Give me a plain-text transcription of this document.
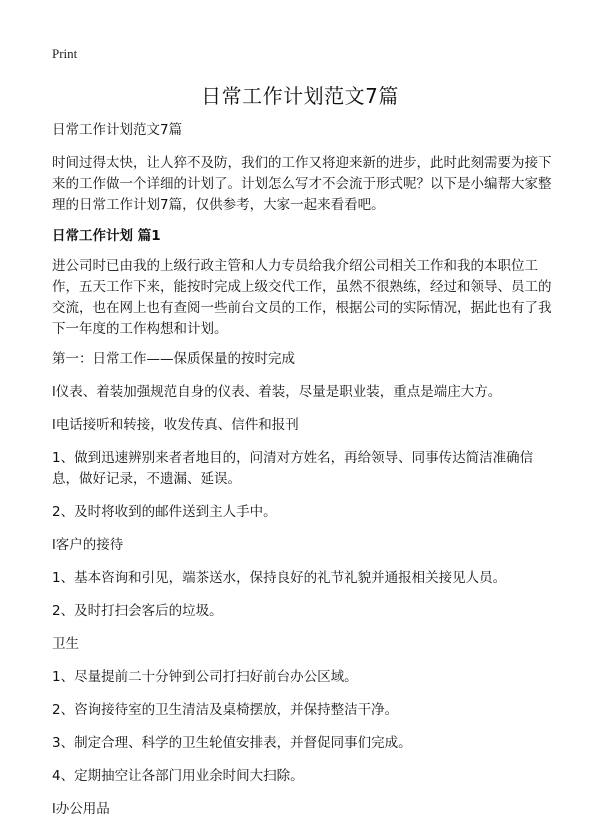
Print
日常工作计划范文7篇

日常工作计划范文7篇

时间过得太快，让人猝不及防，我们的工作又将迎来新的进步，此时此刻需要为接下来的工作做一个详细的计划了。计划怎么写才不会流于形式呢？以下是小编帮大家整理的日常工作计划7篇，仅供参考，大家一起来看看吧。

日常工作计划 篇1

进公司时已由我的上级行政主管和人力专员给我介绍公司相关工作和我的本职位工作，五天工作下来，能按时完成上级交代工作，虽然不很熟练，经过和领导、员工的交流，也在网上也有查阅一些前台文员的工作，根据公司的实际情况，据此也有了我下一年度的工作构想和计划。

第一：日常工作——保质保量的按时完成

l仪表、着装加强规范自身的仪表、着装，尽量是职业装，重点是端庄大方。

l电话接听和转接，收发传真、信件和报刊

1、做到迅速辨别来者者地目的，问清对方姓名，再给领导、同事传达简洁准确信息，做好记录，不遗漏、延误。

2、及时将收到的邮件送到主人手中。

l客户的接待

1、基本咨询和引见，端茶送水，保持良好的礼节礼貌并通报相关接见人员。

2、及时打扫会客后的垃圾。

卫生

1、尽量提前二十分钟到公司打扫好前台办公区域。

2、咨询接待室的卫生清洁及桌椅摆放，并保持整洁干净。

3、制定合理、科学的卫生轮值安排表，并督促同事们完成。

4、定期抽空让各部门用业余时间大扫除。

l办公用品
